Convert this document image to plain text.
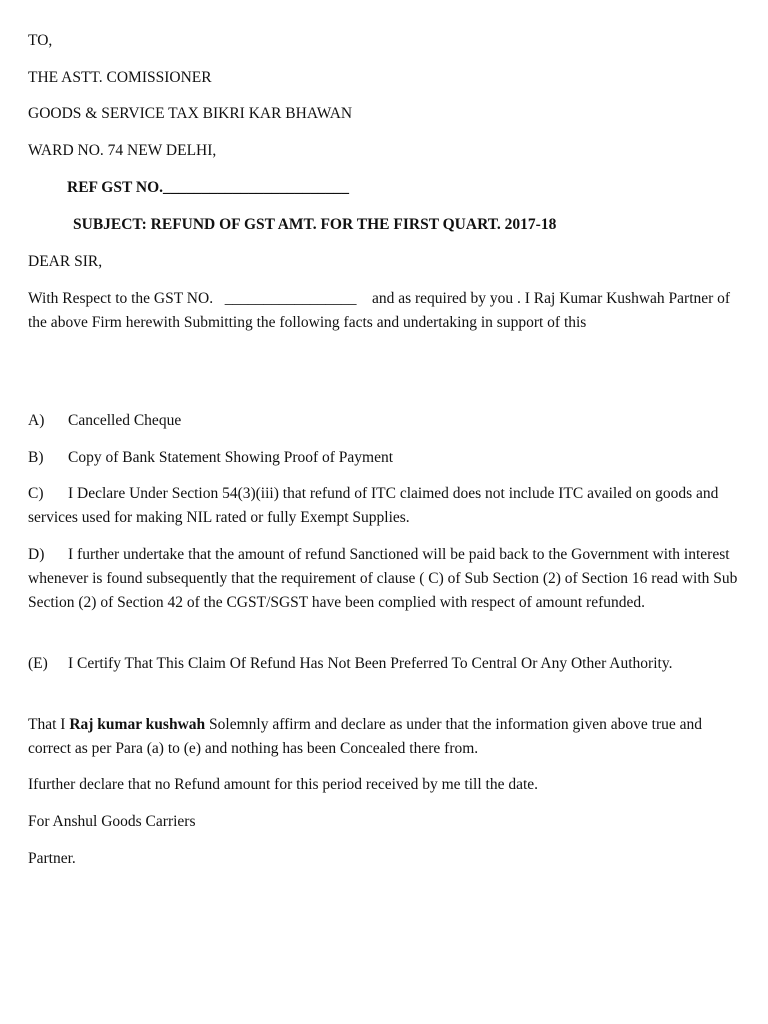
TO,
THE ASTT. COMISSIONER
GOODS & SERVICE TAX BIKRI KAR BHAWAN
WARD NO. 74 NEW DELHI,
REF GST NO.________________________
SUBJECT: REFUND OF GST AMT. FOR THE FIRST QUART. 2017-18
DEAR SIR,
With Respect to the GST NO. _________________ and as required by you . I Raj Kumar Kushwah Partner of the above Firm herewith Submitting the following facts and undertaking in support of this
A) Cancelled Cheque
B) Copy of Bank Statement Showing Proof of Payment
C) I Declare Under Section 54(3)(iii) that refund of ITC claimed does not include ITC availed on goods and services used for making NIL rated or fully Exempt Supplies.
D) I further undertake that the amount of refund Sanctioned will be paid back to the Government with interest whenever is found subsequently that the requirement of clause ( C) of Sub Section (2) of Section 16 read with Sub Section (2) of Section 42 of the CGST/SGST have been complied with respect of amount refunded.
(E) I Certify That This Claim Of Refund Has Not Been Preferred To Central Or Any Other Authority.
That I Raj kumar kushwah Solemnly affirm and declare as under that the information given above true and correct as per Para (a) to (e) and nothing has been Concealed there from.
Ifurther declare that no Refund amount for this period received by me till the date.
For Anshul Goods Carriers
Partner.
